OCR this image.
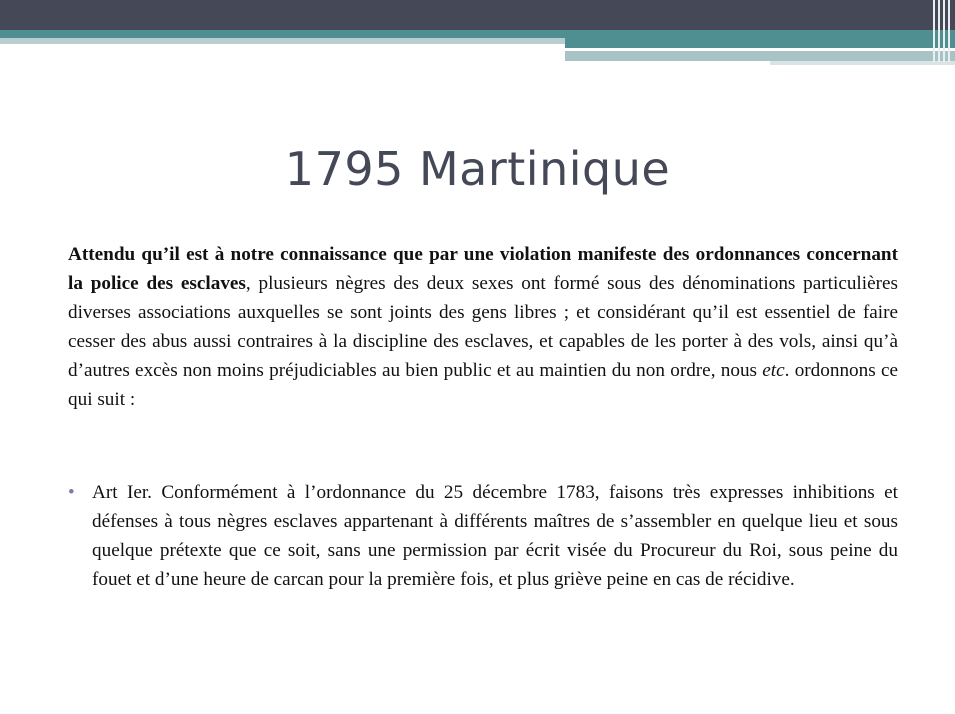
1795 Martinique

Attendu qu’il est à notre connaissance que par une violation manifeste des ordonnances concernant la police des esclaves, plusieurs nègres des deux sexes ont formé sous des dénominations particulières diverses associations auxquelles se sont joints des gens libres ; et considérant qu’il est essentiel de faire cesser des abus aussi contraires à la discipline des esclaves, et capables de les porter à des vols, ainsi qu’à d’autres excès non moins préjudiciables au bien public et au maintien du non ordre, nous etc. ordonnons ce qui suit :

• Art Ier. Conformément à l’ordonnance du 25 décembre 1783, faisons très expresses inhibitions et défenses à tous nègres esclaves appartenant à différents maîtres de s’assembler en quelque lieu et sous quelque prétexte que ce soit, sans une permission par écrit visée du Procureur du Roi, sous peine du fouet et d’une heure de carcan pour la première fois, et plus griève peine en cas de récidive.
